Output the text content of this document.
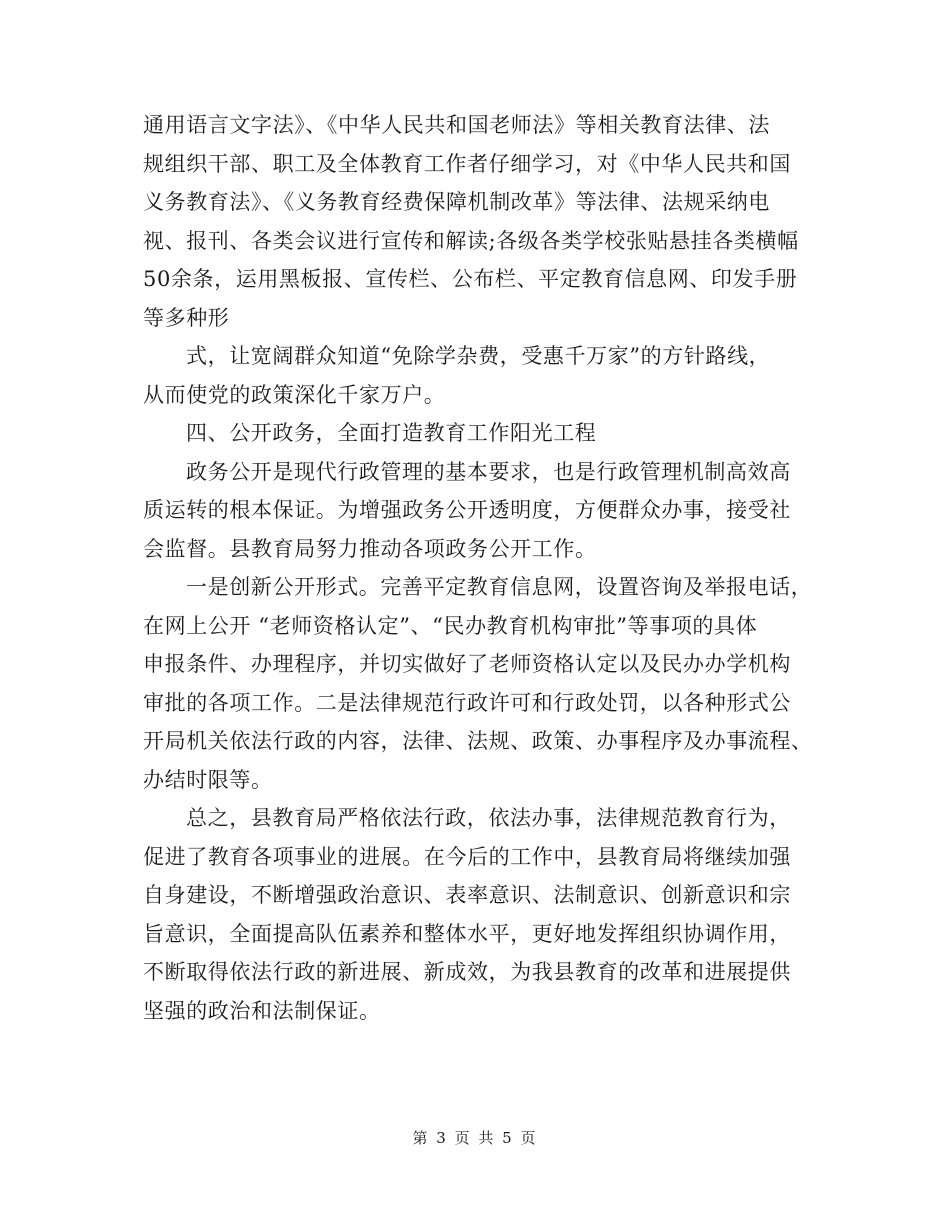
通用语言文字法》、《中华人民共和国老师法》等相关教育法律、法
规组织干部、职工及全体教育工作者仔细学习，对《中华人民共和国
义务教育法》、《义务教育经费保障机制改革》等法律、法规采纳电
视、报刊、各类会议进行宣传和解读;各级各类学校张贴悬挂各类横幅
50余条，运用黑板报、宣传栏、公布栏、平定教育信息网、印发手册
等多种形
式，让宽阔群众知道“免除学杂费，受惠千万家”的方针路线，
从而使党的政策深化千家万户。
四、公开政务，全面打造教育工作阳光工程
政务公开是现代行政管理的基本要求，也是行政管理机制高效高
质运转的根本保证。为增强政务公开透明度，方便群众办事，接受社
会监督。县教育局努力推动各项政务公开工作。
一是创新公开形式。完善平定教育信息网，设置咨询及举报电话，
在网上公开 “老师资格认定”、“民办教育机构审批”等事项的具体
申报条件、办理程序，并切实做好了老师资格认定以及民办办学机构
审批的各项工作。二是法律规范行政许可和行政处罚，以各种形式公
开局机关依法行政的内容，法律、法规、政策、办事程序及办事流程、
办结时限等。
总之，县教育局严格依法行政，依法办事，法律规范教育行为，
促进了教育各项事业的进展。在今后的工作中，县教育局将继续加强
自身建设，不断增强政治意识、表率意识、法制意识、创新意识和宗
旨意识，全面提高队伍素养和整体水平，更好地发挥组织协调作用，
不断取得依法行政的新进展、新成效，为我县教育的改革和进展提供
坚强的政治和法制保证。
第 3 页 共 5 页
